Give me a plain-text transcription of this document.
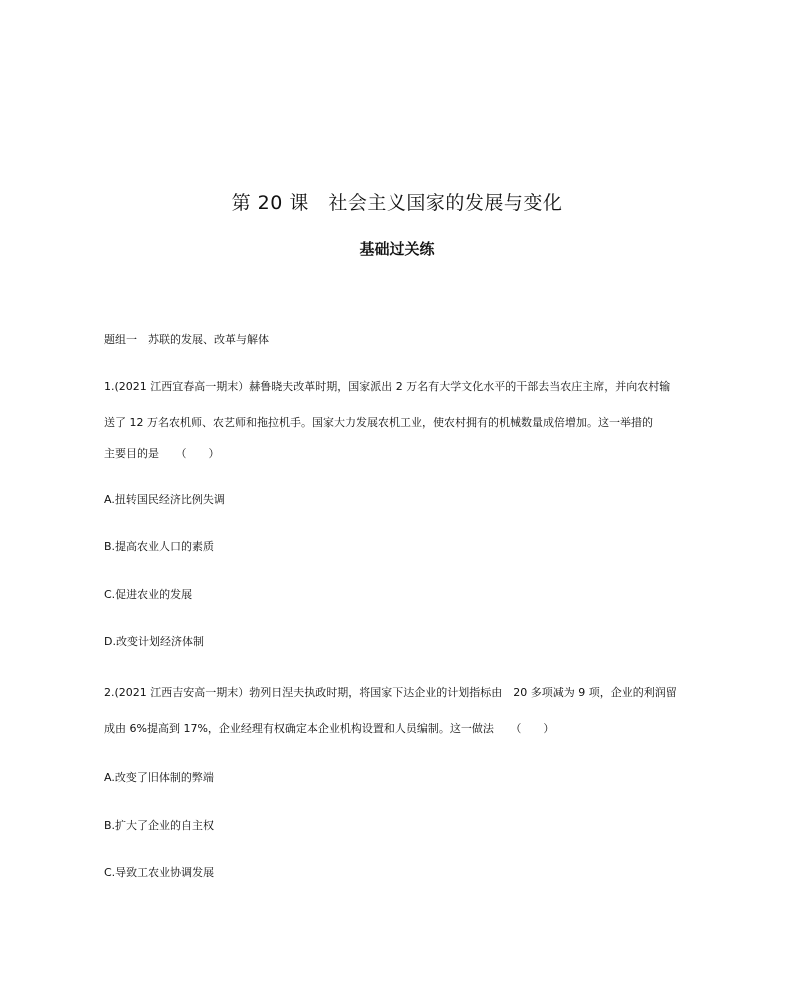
第 20 课　社会主义国家的发展与变化
基础过关练
题组一　苏联的发展、改革与解体
1.(2021 江西宜春高一期末）赫鲁晓夫改革时期，国家派出 2 万名有大学文化水平的干部去当农庄主席，并向农村输
送了 12 万名农机师、农艺师和拖拉机手。国家大力发展农机工业，使农村拥有的机械数量成倍增加。这一举措的
主要目的是　　（　　）
A.扭转国民经济比例失调
B.提高农业人口的素质
C.促进农业的发展
D.改变计划经济体制
2.(2021 江西吉安高一期末）勃列日涅夫执政时期，将国家下达企业的计划指标由　20 多项减为 9 项，企业的利润留
成由 6%提高到 17%，企业经理有权确定本企业机构设置和人员编制。这一做法　　（　　）
A.改变了旧体制的弊端
B.扩大了企业的自主权
C.导致工农业协调发展
